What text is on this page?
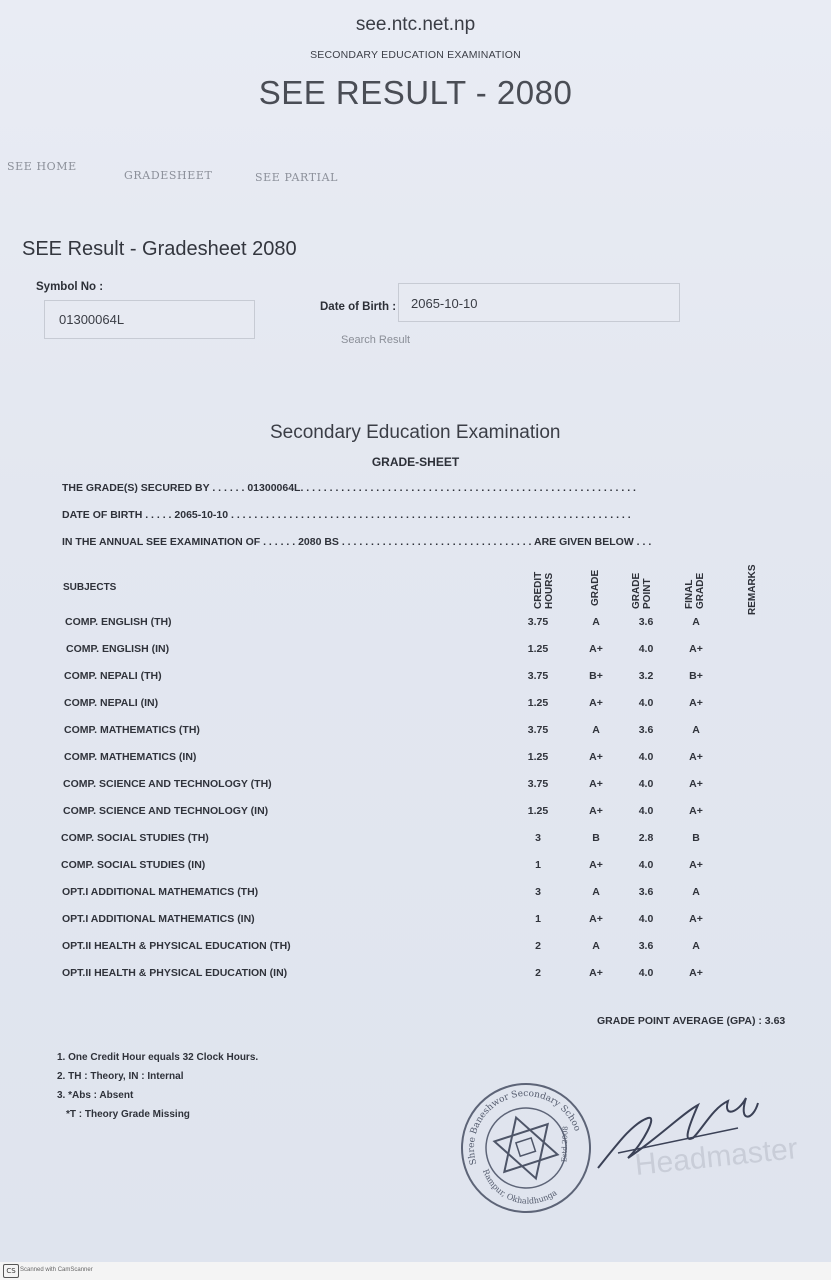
see.ntc.net.np
SECONDARY EDUCATION EXAMINATION
SEE RESULT - 2080
SEE HOME
GRADESHEET	SEE PARTIAL
SEE Result - Gradesheet 2080
Symbol No :
01300064L
Date of Birth : 2065-10-10
Search Result
Secondary Education Examination
GRADE-SHEET
THE GRADE(S) SECURED BY . . . . . . 01300064L. . . . . . . . . . . . . . . . . . . . . . . . . . . . . . . . . . . . . . . . . . . . . . . . . . . . . . . . . .
DATE OF BIRTH . . . . . 2065-10-10 . . . . . . . . . . . . . . . . . . . . . . . . . . . . . . . . . . . . . . . . . . . . . . . . . . . . . . . . . . . . . . . . . . . . .
IN THE ANNUAL SEE EXAMINATION OF . . . . . . 2080 BS . . . . . . . . . . . . . . . . . . . . . . . . . . . . . . . . . ARE GIVEN BELOW . . .
SUBJECTS	CREDIT HOURS	GRADE	GRADE POINT	FINAL GRADE	REMARKS
COMP. ENGLISH (TH)	3.75	A	3.6	A
COMP. ENGLISH (IN)	1.25	A+	4.0	A+
COMP. NEPALI (TH)	3.75	B+	3.2	B+
COMP. NEPALI (IN)	1.25	A+	4.0	A+
COMP. MATHEMATICS (TH)	3.75	A	3.6	A
COMP. MATHEMATICS (IN)	1.25	A+	4.0	A+
COMP. SCIENCE AND TECHNOLOGY (TH)	3.75	A+	4.0	A+
COMP. SCIENCE AND TECHNOLOGY (IN)	1.25	A+	4.0	A+
COMP. SOCIAL STUDIES (TH)	3	B	2.8	B
COMP. SOCIAL STUDIES (IN)	1	A+	4.0	A+
OPT.I ADDITIONAL MATHEMATICS (TH)	3	A	3.6	A
OPT.I ADDITIONAL MATHEMATICS (IN)	1	A+	4.0	A+
OPT.II HEALTH & PHYSICAL EDUCATION (TH)	2	A	3.6	A
OPT.II HEALTH & PHYSICAL EDUCATION (IN)	2	A+	4.0	A+
GRADE POINT AVERAGE (GPA) : 3.63
1. One Credit Hour equals 32 Clock Hours.
2. TH : Theory, IN : Internal
3. *Abs : Absent
*T : Theory Grade Missing
Shree Baneshwor Secondary School
Rampur, Okhaldhunga
Estd.2008 Headmaster
CS Scanned with CamScanner
